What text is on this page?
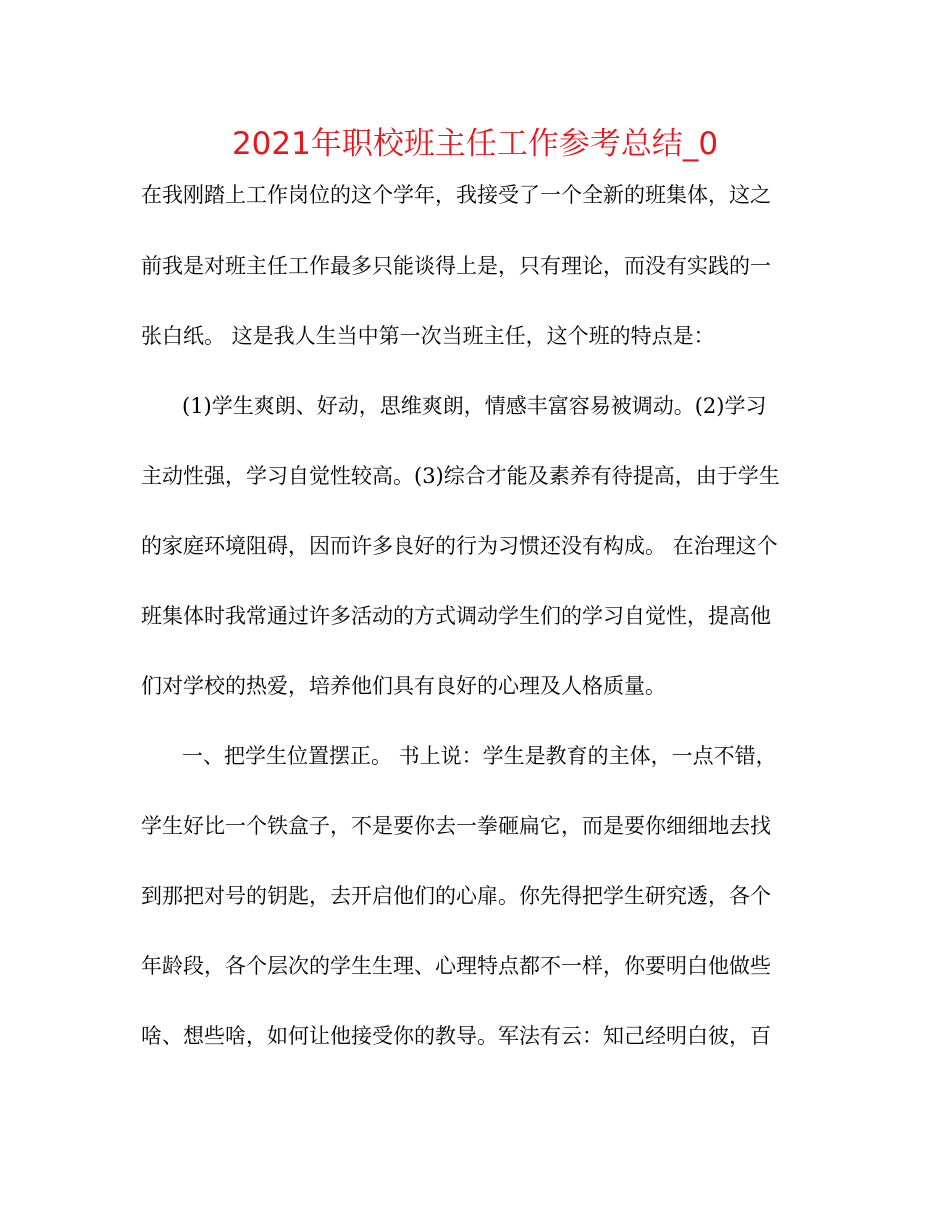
2021年职校班主任工作参考总结_0

在我刚踏上工作岗位的这个学年，我接受了一个全新的班集体，这之

前我是对班主任工作最多只能谈得上是，只有理论，而没有实践的一

张白纸。 这是我人生当中第一次当班主任，这个班的特点是：

(1)学生爽朗、好动，思维爽朗，情感丰富容易被调动。(2)学习

主动性强，学习自觉性较高。(3)综合才能及素养有待提高，由于学生

的家庭环境阻碍，因而许多良好的行为习惯还没有构成。 在治理这个

班集体时我常通过许多活动的方式调动学生们的学习自觉性，提高他

们对学校的热爱，培养他们具有良好的心理及人格质量。

一、把学生位置摆正。 书上说：学生是教育的主体，一点不错，

学生好比一个铁盒子，不是要你去一拳砸扁它，而是要你细细地去找

到那把对号的钥匙，去开启他们的心扉。你先得把学生研究透，各个

年龄段，各个层次的学生生理、心理特点都不一样，你要明白他做些

啥、想些啥，如何让他接受你的教导。军法有云：知己经明白彼，百
